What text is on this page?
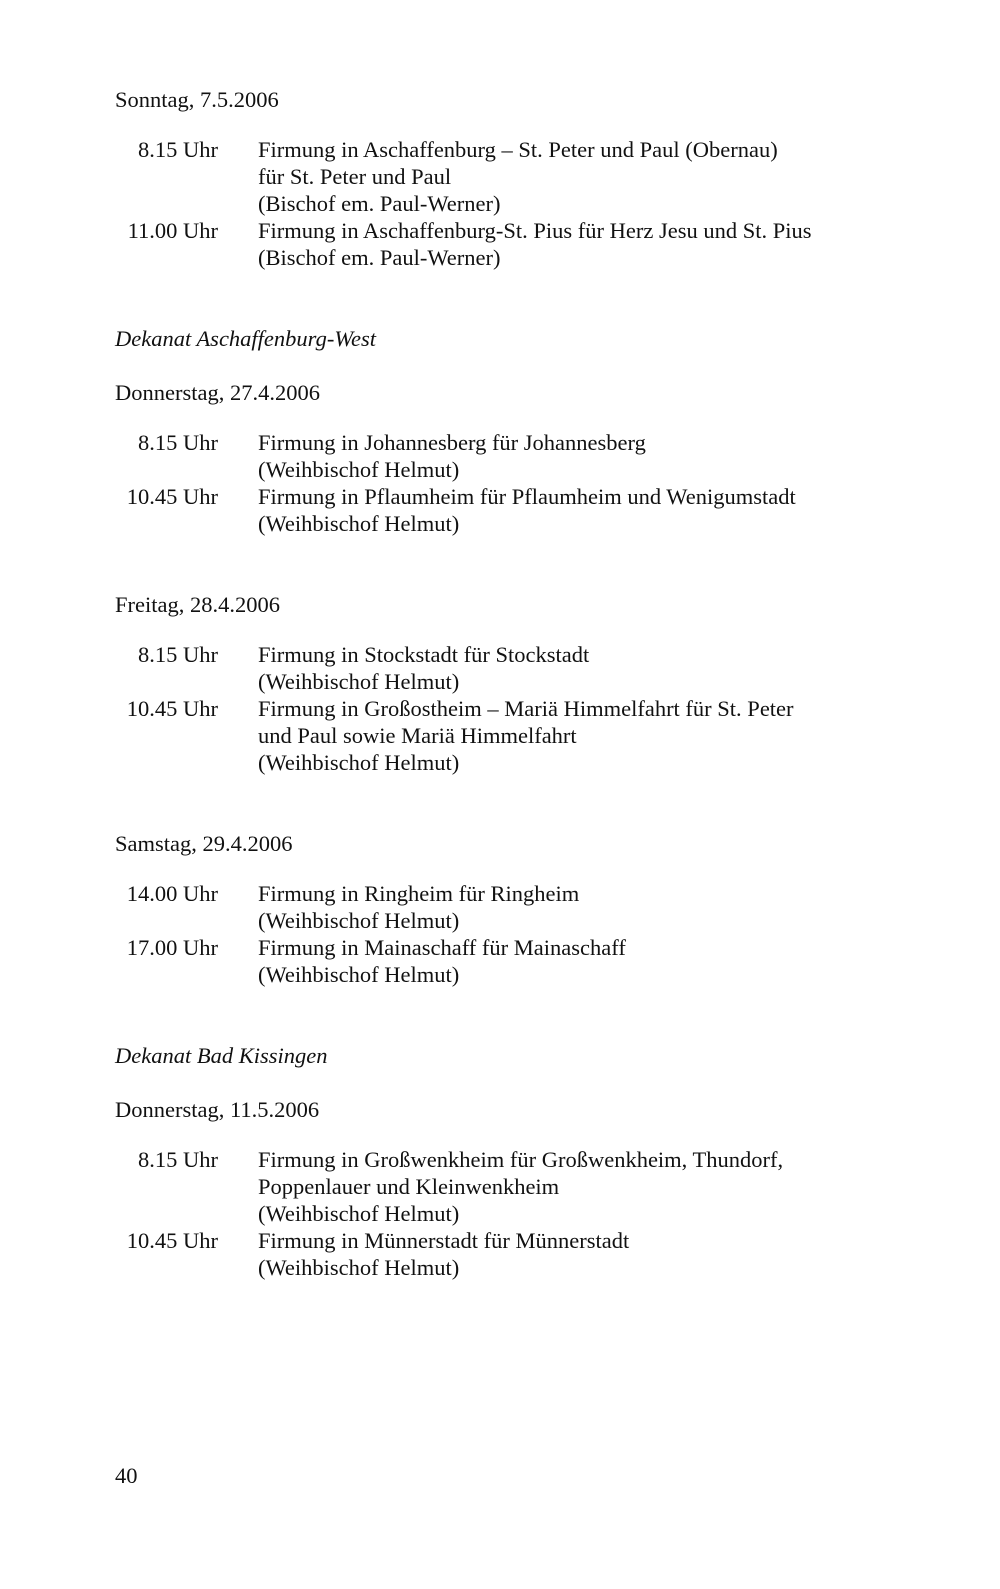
Sonntag, 7.5.2006
8.15 Uhr	Firmung in Aschaffenburg – St. Peter und Paul (Obernau)
für St. Peter und Paul
(Bischof em. Paul-Werner)
11.00 Uhr	Firmung in Aschaffenburg-St. Pius für Herz Jesu und St. Pius
(Bischof em. Paul-Werner)
Dekanat Aschaffenburg-West
Donnerstag, 27.4.2006
8.15 Uhr	Firmung in Johannesberg für Johannesberg
(Weihbischof Helmut)
10.45 Uhr	Firmung in Pflaumheim für Pflaumheim und Wenigumstadt
(Weihbischof Helmut)
Freitag, 28.4.2006
8.15 Uhr	Firmung in Stockstadt für Stockstadt
(Weihbischof Helmut)
10.45 Uhr	Firmung in Großostheim – Mariä Himmelfahrt für St. Peter
und Paul sowie Mariä Himmelfahrt
(Weihbischof Helmut)
Samstag, 29.4.2006
14.00 Uhr	Firmung in Ringheim für Ringheim
(Weihbischof Helmut)
17.00 Uhr	Firmung in Mainaschaff für Mainaschaff
(Weihbischof Helmut)
Dekanat Bad Kissingen
Donnerstag, 11.5.2006
8.15 Uhr	Firmung in Großwenkheim für Großwenkheim, Thundorf,
Poppenlauer und Kleinwenkheim
(Weihbischof Helmut)
10.45 Uhr	Firmung in Münnerstadt für Münnerstadt
(Weihbischof Helmut)
40
